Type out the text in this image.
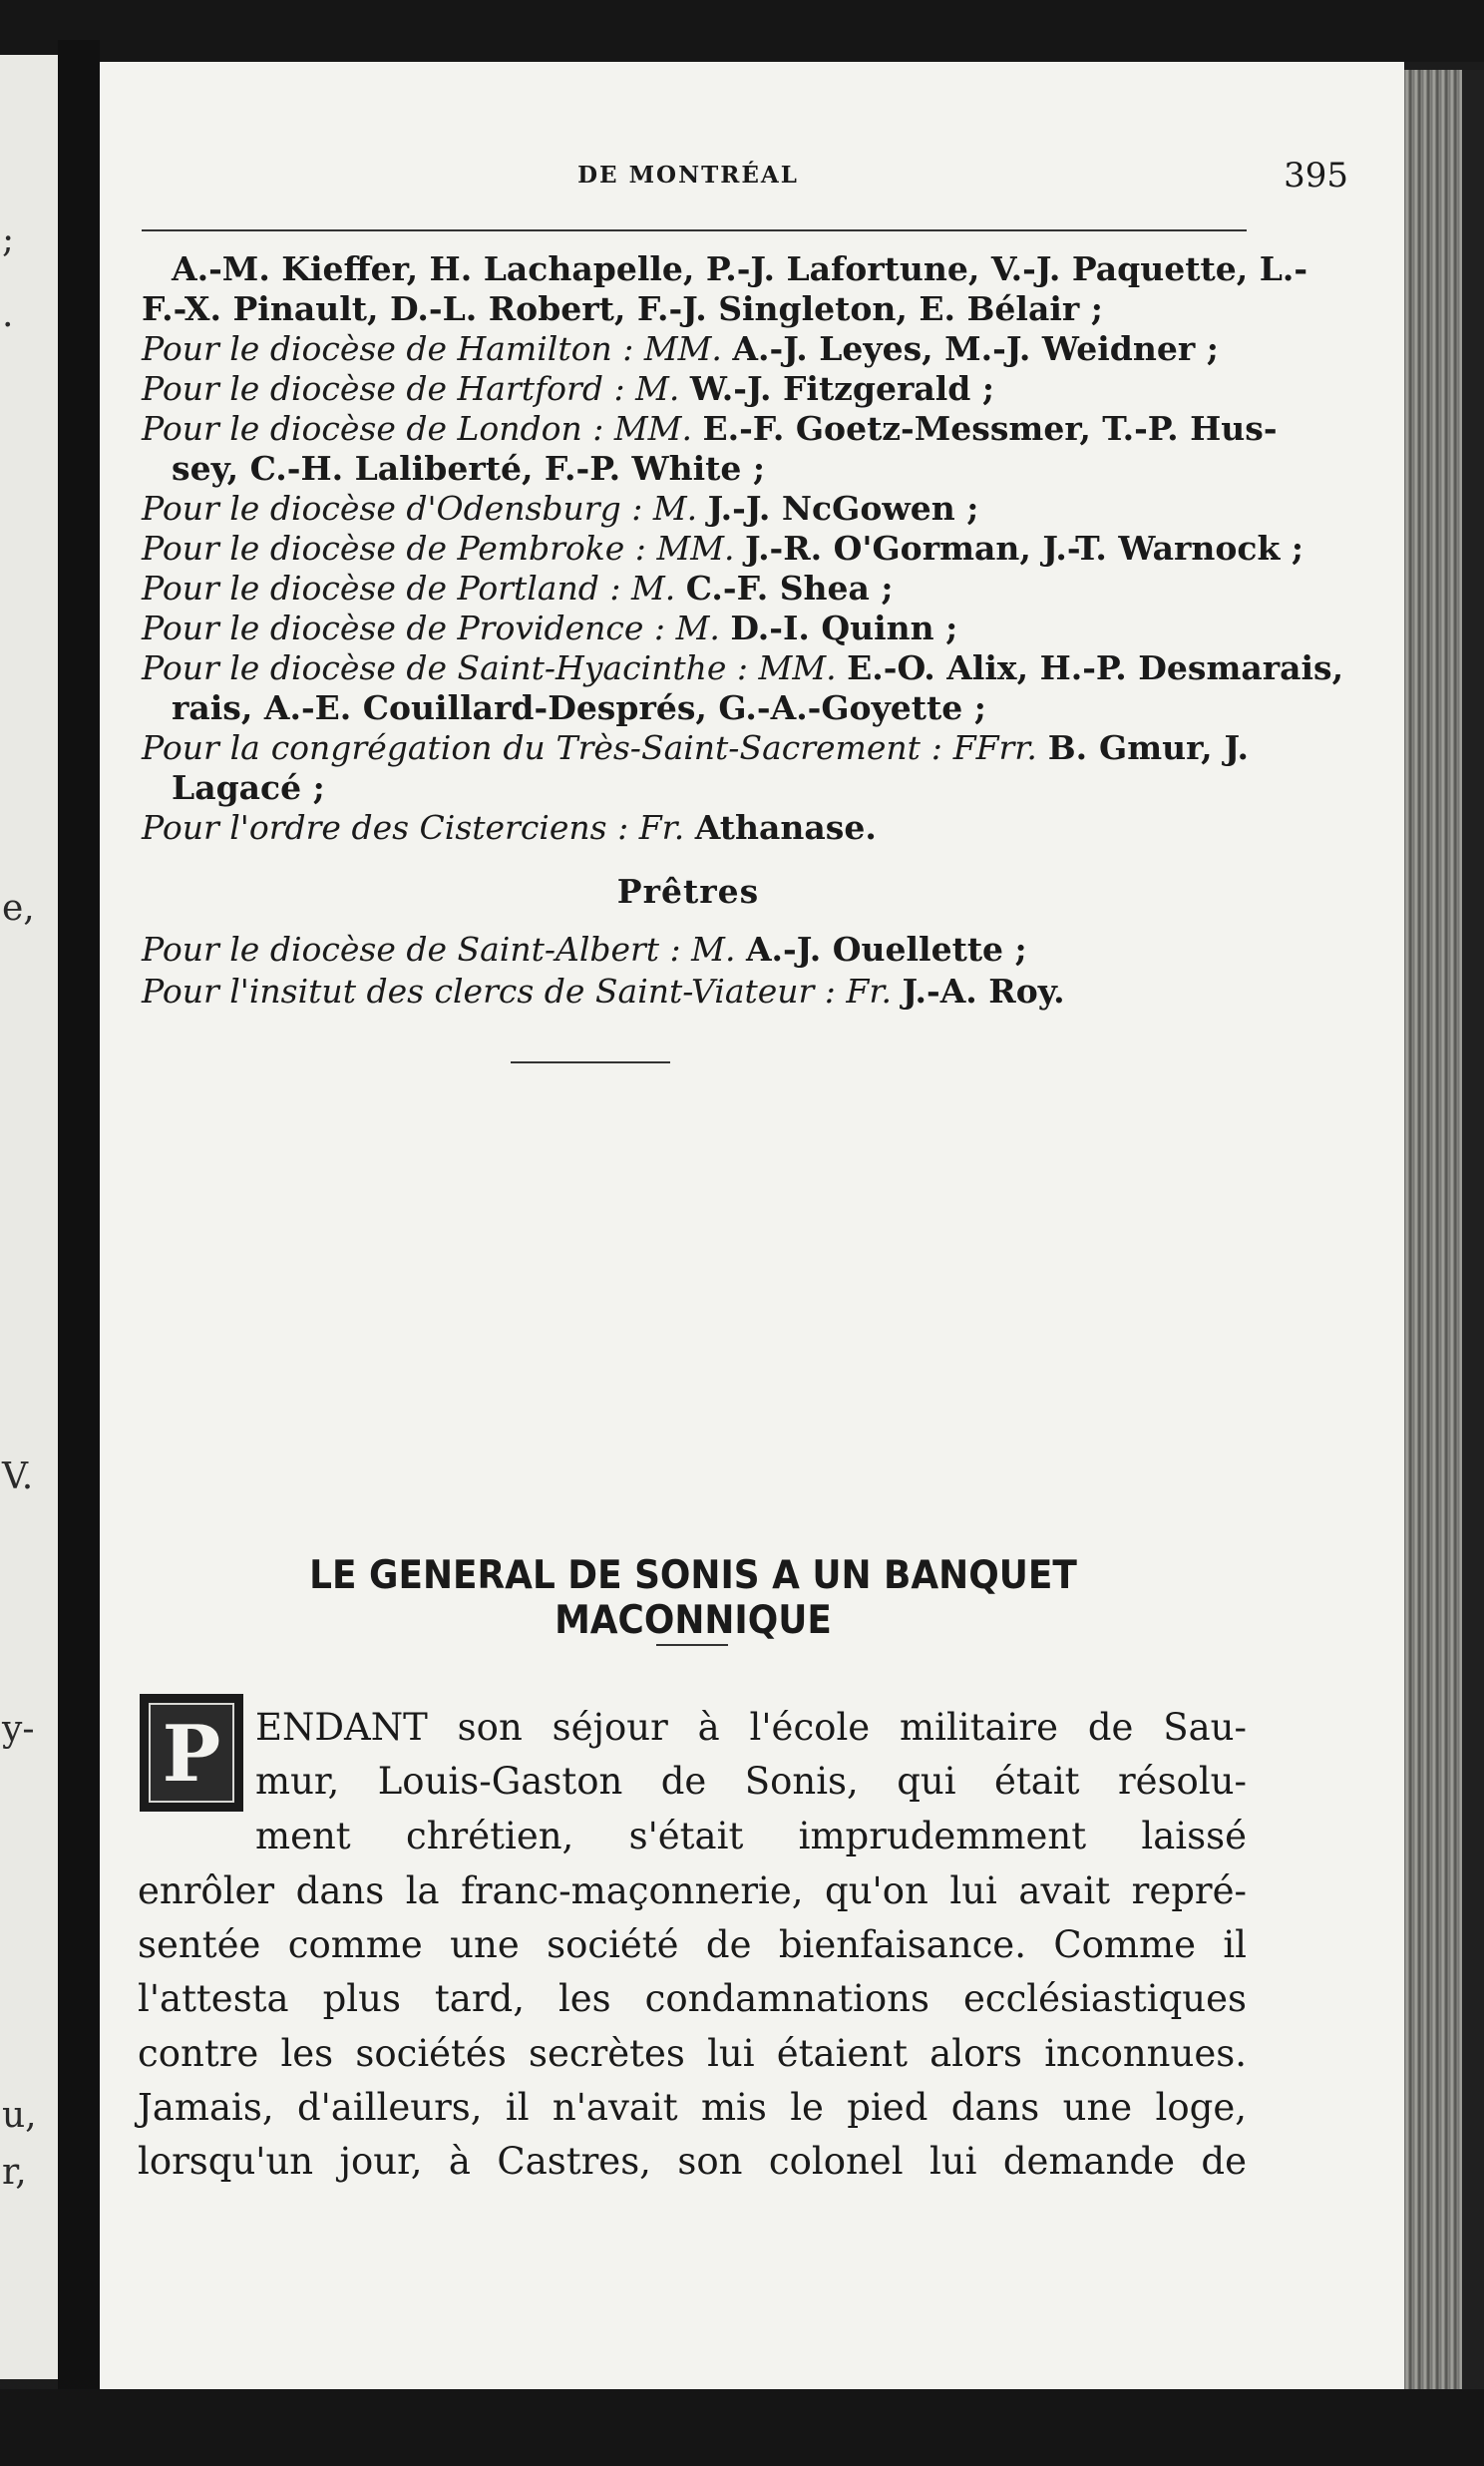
;
.
e,
V.
y-
u,
r,
DE MONTRÉAL	395
A.-M. Kieffer, H. Lachapelle, P.-J. Lafortune, V.-J. Paquette, L.-
F.-X. Pinault, D.-L. Robert, F.-J. Singleton, E. Bélair ;
Pour le diocèse de Hamilton : MM. A.-J. Leyes, M.-J. Weidner ;
Pour le diocèse de Hartford : M. W.-J. Fitzgerald ;
Pour le diocèse de London : MM. E.-F. Goetz-Messmer, T.-P. Hus-
sey, C.-H. Laliberté, F.-P. White ;
Pour le diocèse d'Odensburg : M. J.-J. NcGowen ;
Pour le diocèse de Pembroke : MM. J.-R. O'Gorman, J.-T. Warnock ;
Pour le diocèse de Portland : M. C.-F. Shea ;
Pour le diocèse de Providence : M. D.-I. Quinn ;
Pour le diocèse de Saint-Hyacinthe : MM. E.-O. Alix, H.-P. Desmarais,
rais, A.-E. Couillard-Després, G.-A.-Goyette ;
Pour la congrégation du Très-Saint-Sacrement : FFrr. B. Gmur, J.
Lagacé ;
Pour l'ordre des Cisterciens : Fr. Athanase.
Prêtres
Pour le diocèse de Saint-Albert : M. A.-J. Ouellette ;
Pour l'insitut des clercs de Saint-Viateur : Fr. J.-A. Roy.
LE GENERAL DE SONIS A UN BANQUET MACONNIQUE
P ENDANT son séjour à l'école militaire de Sau-
mur, Louis-Gaston de Sonis, qui était résolu-
ment chrétien, s'était imprudemment laissé
enrôler dans la franc-maçonnerie, qu'on lui avait repré-
sentée comme une société de bienfaisance. Comme il
l'attesta plus tard, les condamnations ecclésiastiques
contre les sociétés secrètes lui étaient alors inconnues.
Jamais, d'ailleurs, il n'avait mis le pied dans une loge,
lorsqu'un jour, à Castres, son colonel lui demande de
